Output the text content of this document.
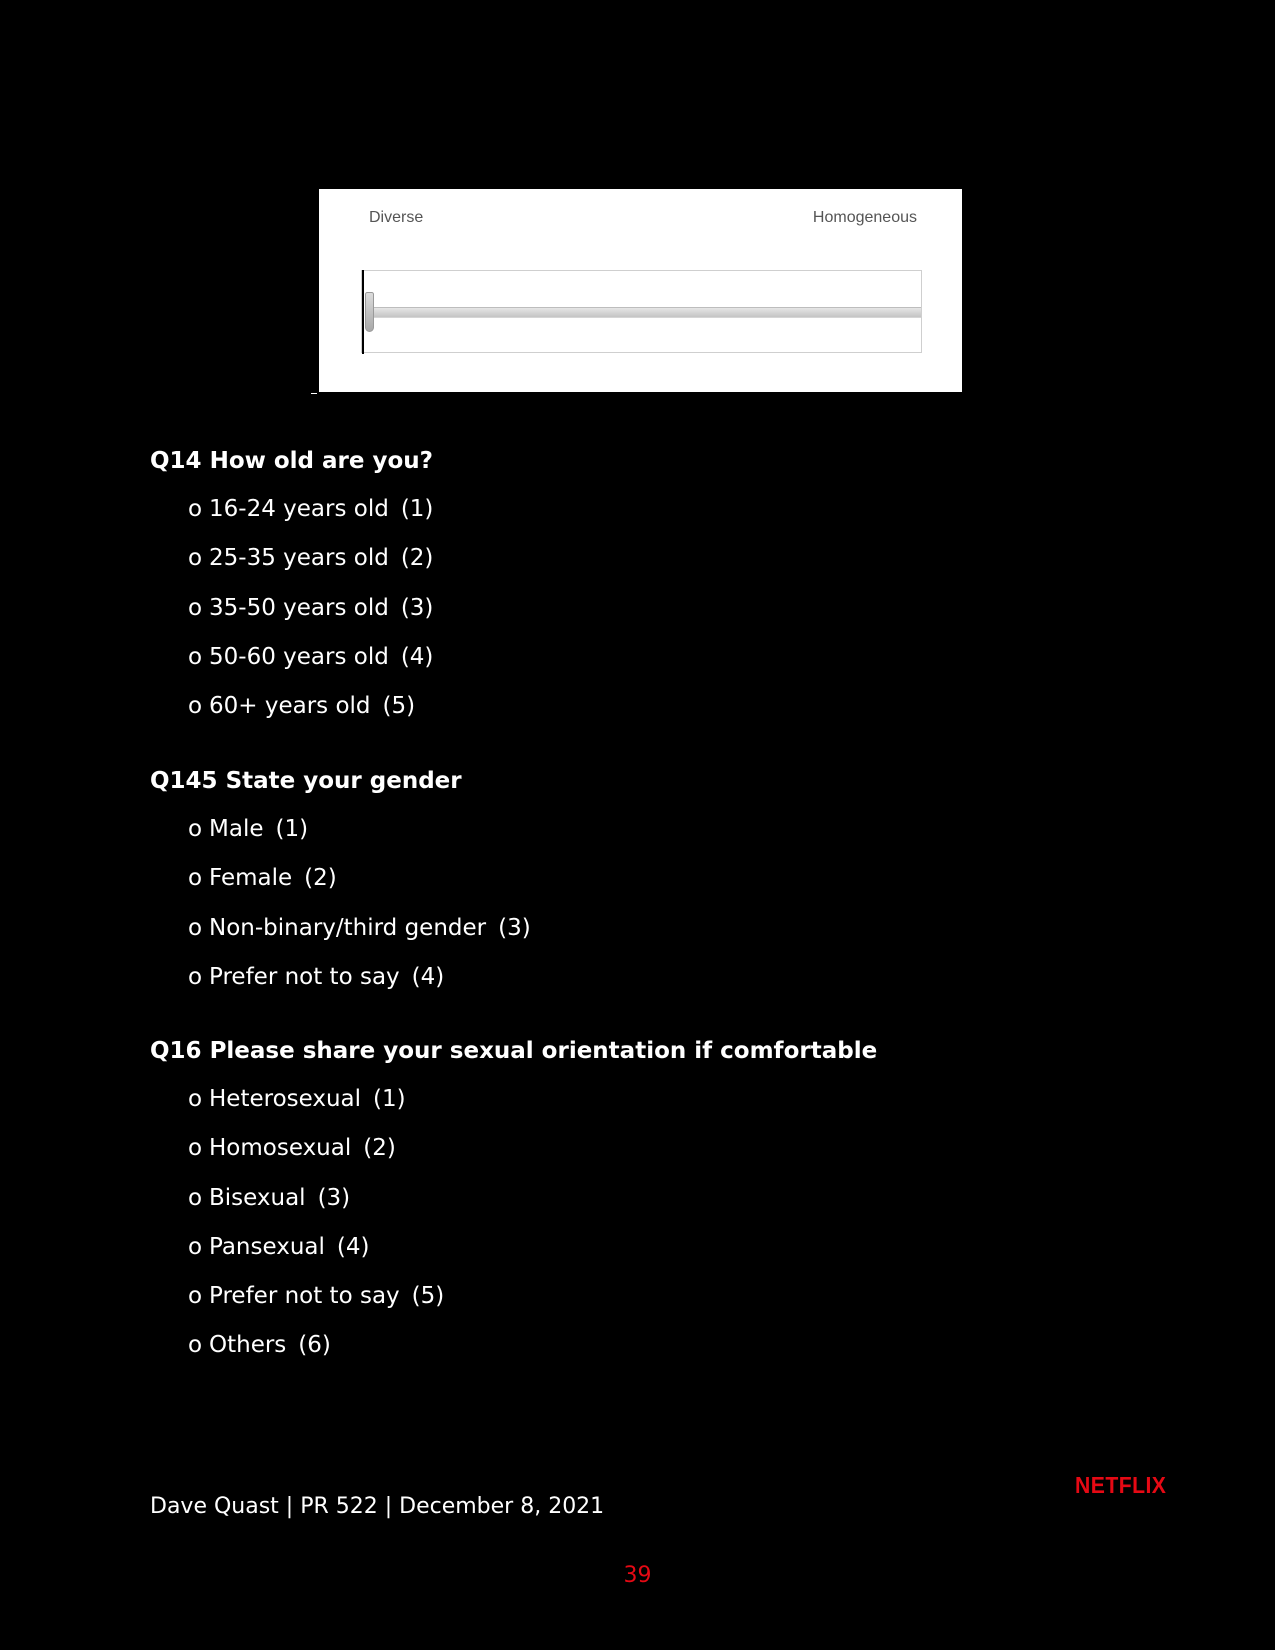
Diverse	Homogeneous
Q14 How old are you?
o 16-24 years old (1)
o 25-35 years old (2)
o 35-50 years old (3)
o 50-60 years old (4)
o 60+ years old (5)
Q145 State your gender
o Male (1)
o Female (2)
o Non-binary/third gender (3)
o Prefer not to say (4)
Q16 Please share your sexual orientation if comfortable
o Heterosexual (1)
o Homosexual (2)
o Bisexual (3)
o Pansexual (4)
o Prefer not to say (5)
o Others (6)
Dave Quast | PR 522 | December 8, 2021
NETFLIX
39
